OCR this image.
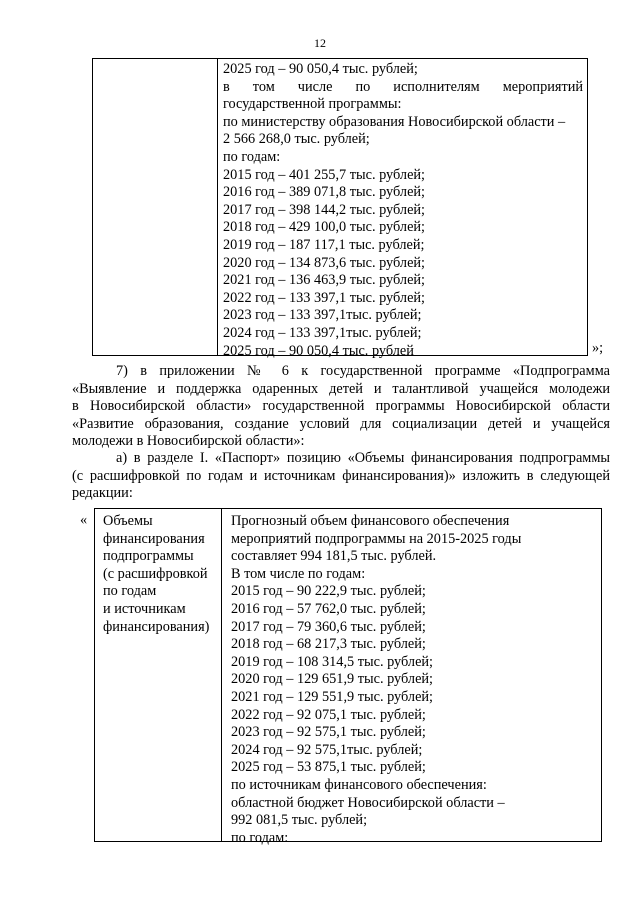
12
2025 год – 90 050,4 тыс. рублей;
в том числе по исполнителям мероприятий
государственной программы:
по министерству образования Новосибирской области –
2 566 268,0 тыс. рублей;
по годам:
2015 год – 401 255,7 тыс. рублей;
2016 год – 389 071,8 тыс. рублей;
2017 год – 398 144,2 тыс. рублей;
2018 год – 429 100,0 тыс. рублей;
2019 год – 187 117,1 тыс. рублей;
2020 год – 134 873,6 тыс. рублей;
2021 год – 136 463,9 тыс. рублей;
2022 год – 133 397,1 тыс. рублей;
2023 год – 133 397,1тыс. рублей;
2024 год – 133 397,1тыс. рублей;
2025 год – 90 050,4 тыс. рублей	»;
7) в приложении № 6 к государственной программе «Подпрограмма
«Выявление и поддержка одаренных детей и талантливой учащейся молодежи
в Новосибирской области» государственной программы Новосибирской области
«Развитие образования, создание условий для социализации детей и учащейся
молодежи в Новосибирской области»:
а) в разделе I. «Паспорт» позицию «Объемы финансирования подпрограммы
(с расшифровкой по годам и источникам финансирования)» изложить в следующей
редакции:
« Объемы
финансирования
подпрограммы
(с расшифровкой
по годам
и источникам
финансирования)
Прогнозный объем финансового обеспечения
мероприятий подпрограммы на 2015-2025 годы
составляет 994 181,5 тыс. рублей.
В том числе по годам:
2015 год – 90 222,9 тыс. рублей;
2016 год – 57 762,0 тыс. рублей;
2017 год – 79 360,6 тыс. рублей;
2018 год – 68 217,3 тыс. рублей;
2019 год – 108 314,5 тыс. рублей;
2020 год – 129 651,9 тыс. рублей;
2021 год – 129 551,9 тыс. рублей;
2022 год – 92 075,1 тыс. рублей;
2023 год – 92 575,1 тыс. рублей;
2024 год – 92 575,1тыс. рублей;
2025 год – 53 875,1 тыс. рублей;
по источникам финансового обеспечения:
областной бюджет Новосибирской области –
992 081,5 тыс. рублей;
по годам:
